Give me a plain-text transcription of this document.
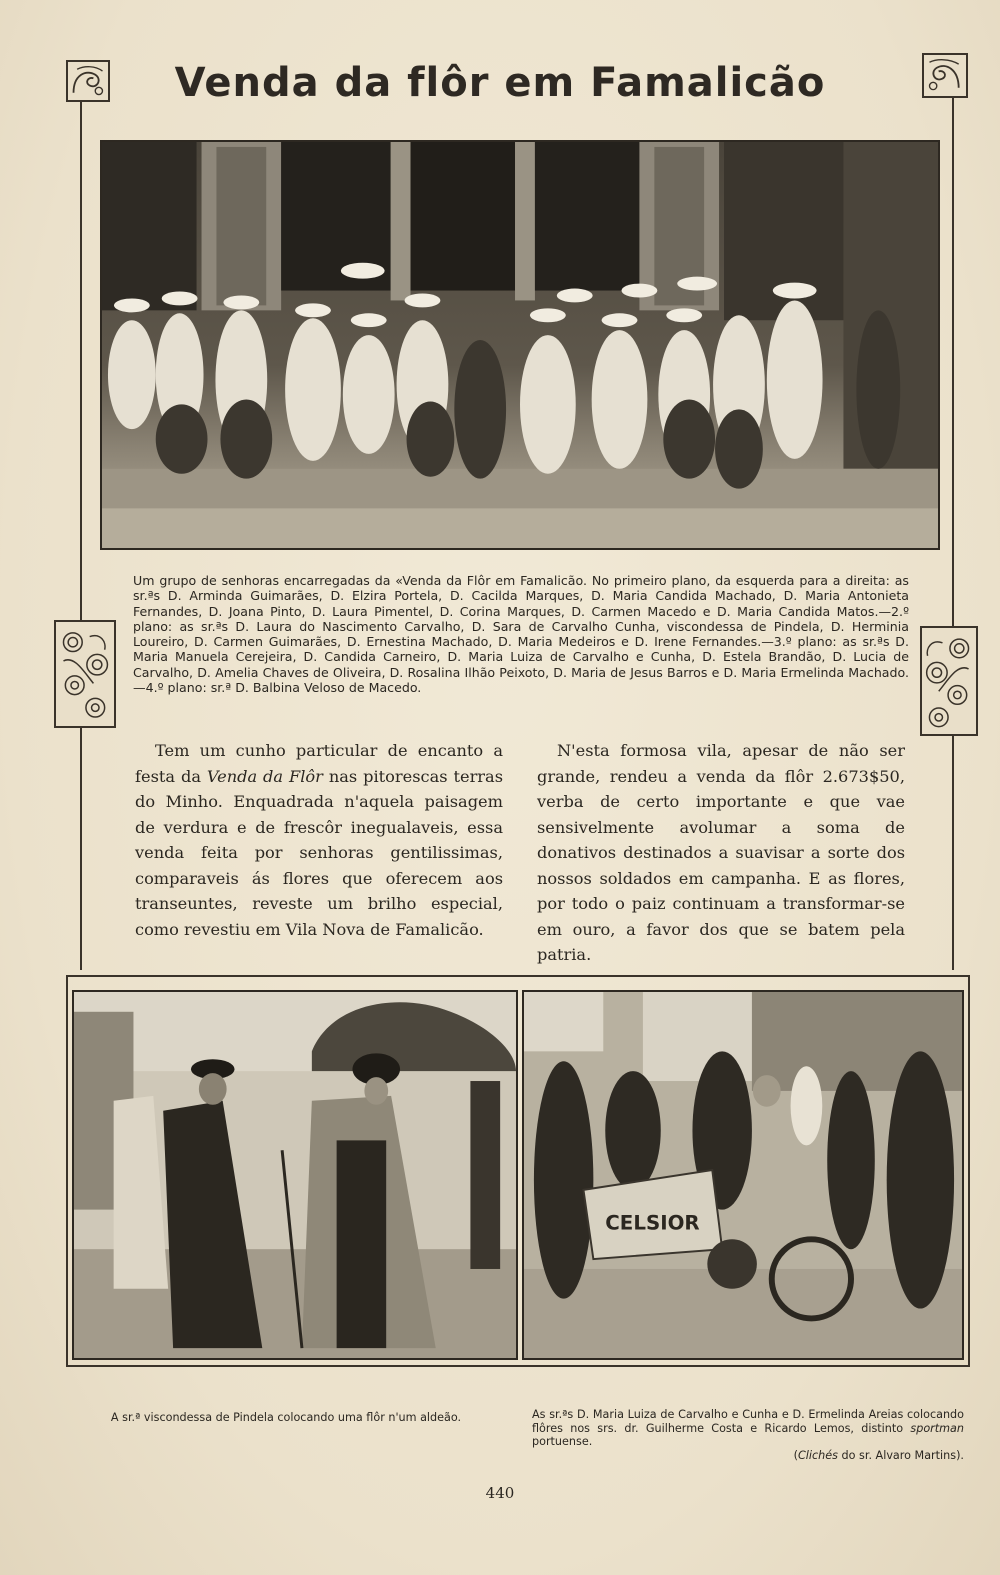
Venda da flôr em Famalicão
Um grupo de senhoras encarregadas da «Venda da Flôr em Famalicão. No primeiro plano, da esquerda para a direita: as sr.ªs D. Arminda Guimarães, D. Elzira Portela, D. Cacilda Marques, D. Maria Candida Machado, D. Maria Antonieta Fernandes, D. Joana Pinto, D. Laura Pimentel, D. Corina Marques, D. Carmen Macedo e D. Maria Candida Matos.—2.º plano: as sr.ªs D. Laura do Nascimento Carvalho, D. Sara de Carvalho Cunha, viscondessa de Pindela, D. Herminia Loureiro, D. Carmen Guimarães, D. Ernestina Machado, D. Maria Medeiros e D. Irene Fernandes.—3.º plano: as sr.ªs D. Maria Manuela Cerejeira, D. Candida Carneiro, D. Maria Luiza de Carvalho e Cunha, D. Estela Brandão, D. Lucia de Carvalho, D. Amelia Chaves de Oliveira, D. Rosalina Ilhão Peixoto, D. Maria de Jesus Barros e D. Maria Ermelinda Machado.—4.º plano: sr.ª D. Balbina Veloso de Macedo.

Tem um cunho particular de encanto a festa da Venda da Flôr nas pitorescas terras do Minho. Enquadrada n'aquela paisagem de verdura e de frescôr inegualaveis, essa venda feita por senhoras gentilissimas, comparaveis ás flores que oferecem aos transeuntes, reveste um brilho especial, como revestiu em Vila Nova de Famalicão.

N'esta formosa vila, apesar de não ser grande, rendeu a venda da flôr 2.673$50, verba de certo importante e que vae sensivelmente avolumar a soma de donativos destinados a suavisar a sorte dos nossos soldados em campanha. E as flores, por todo o paiz continuam a transformar-se em ouro, a favor dos que se batem pela patria.

CELSIOR
A sr.ª viscondessa de Pindela colocando uma flôr n'um aldeão.	As sr.ªs D. Maria Luiza de Carvalho e Cunha e D. Ermelinda Areias colocando flôres nos srs. dr. Guilherme Costa e Ricardo Lemos, distinto sportman portuense.
(Clichés do sr. Alvaro Martins).
440
